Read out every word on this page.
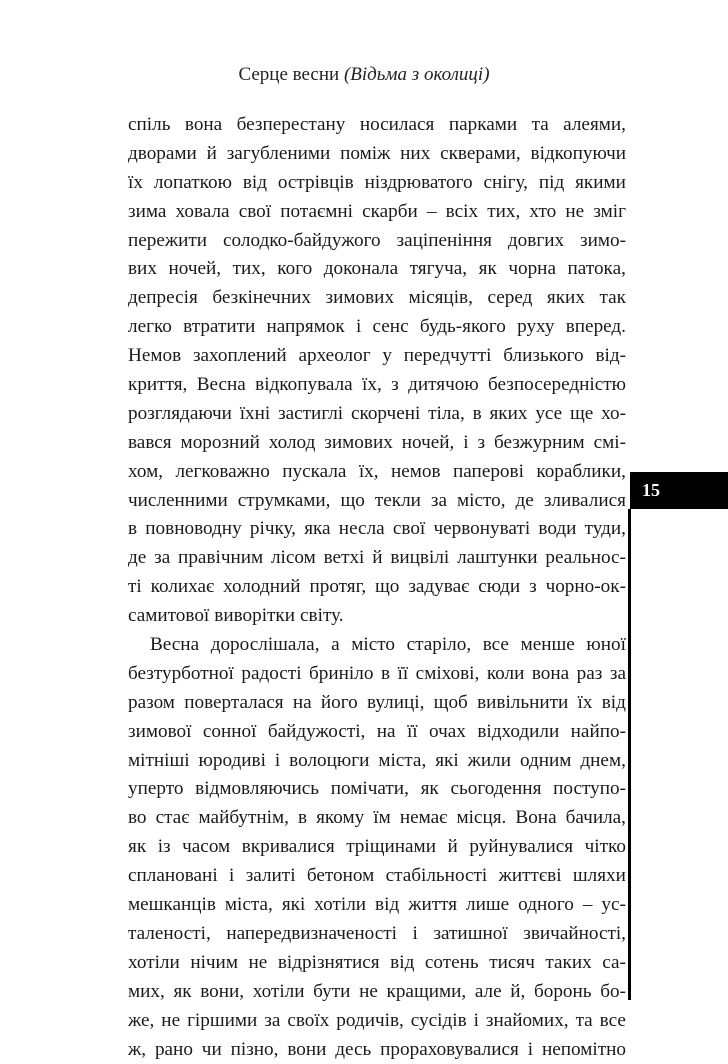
Серце весни (Відьма з околиці)
спіль вона безперестану носилася парками та алеями,
дворами й загубленими поміж них скверами, відкопуючи
їх лопаткою від острівців ніздрюватого снігу, під якими
зима ховала свої потаємні скарби – всіх тих, хто не зміг
пережити солодко-байдужого заціпеніння довгих зимо-
вих ночей, тих, кого доконала тягуча, як чорна патока,
депресія безкінечних зимових місяців, серед яких так
легко втратити напрямок і сенс будь-якого руху вперед.
Немов захоплений археолог у передчутті близького від-
криття, Весна відкопувала їх, з дитячою безпосередністю
розглядаючи їхні застиглі скорчені тіла, в яких усе ще хо-
вався морозний холод зимових ночей, і з безжурним смі-
хом, легковажно пускала їх, немов паперові кораблики,
численними струмками, що текли за місто, де зливалися
в повноводну річку, яка несла свої червонуваті води туди,
де за правічним лісом ветхі й вицвілі лаштунки реальнос-
ті колихає холодний протяг, що задуває сюди з чорно-ок-
самитової виворітки світу.
Весна дорослішала, а місто старіло, все менше юної
безтурботної радості бриніло в її сміхові, коли вона раз за
разом поверталася на його вулиці, щоб вивільнити їх від
зимової сонної байдужості, на її очах відходили найпо-
мітніші юродиві і волоцюги міста, які жили одним днем,
уперто відмовляючись помічати, як сьогодення поступо-
во стає майбутнім, в якому їм немає місця. Вона бачила,
як із часом вкривалися тріщинами й руйнувалися чітко
сплановані і залиті бетоном стабільності життєві шляхи
мешканців міста, які хотіли від життя лише одного – ус-
таленості, напередвизначеності і затишної звичайності,
хотіли нічим не відрізнятися від сотень тисяч таких са-
мих, як вони, хотіли бути не кращими, але й, боронь бо-
же, не гіршими за своїх родичів, сусідів і знайомих, та все
ж, рано чи пізно, вони десь прораховувалися і непомітно
15
